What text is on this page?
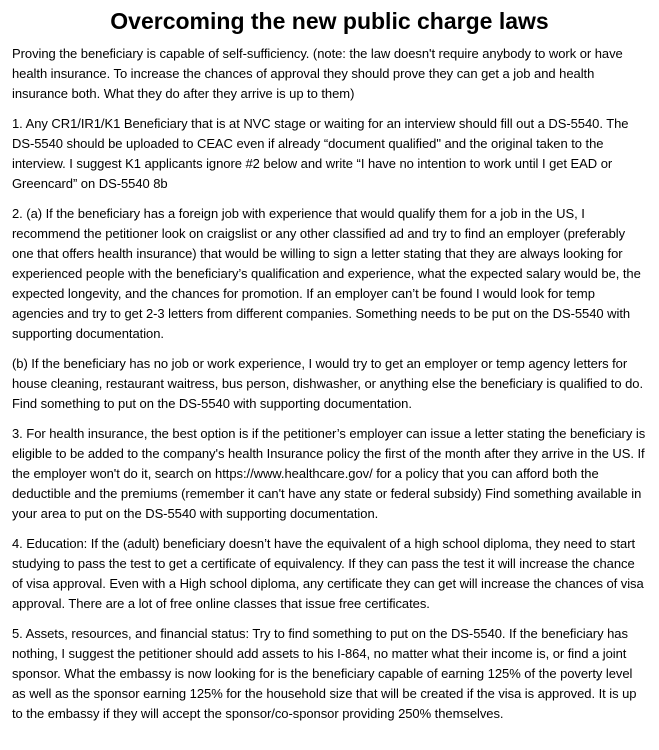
Overcoming the new public charge laws

Proving the beneficiary is capable of self-sufficiency. (note: the law doesn't require anybody to work or have health insurance. To increase the chances of approval they should prove they can get a job and health insurance both. What they do after they arrive is up to them)

1. Any CR1/IR1/K1 Beneficiary that is at NVC stage or waiting for an interview should fill out a DS-5540. The DS-5540 should be uploaded to CEAC even if already “document qualified" and the original taken to the interview. I suggest K1 applicants ignore #2 below and write “I have no intention to work until I get EAD or Greencard” on DS-5540 8b

2. (a) If the beneficiary has a foreign job with experience that would qualify them for a job in the US, I recommend the petitioner look on craigslist or any other classified ad and try to find an employer (preferably one that offers health insurance) that would be willing to sign a letter stating that they are always looking for experienced people with the beneficiary’s qualification and experience, what the expected salary would be, the expected longevity, and the chances for promotion. If an employer can’t be found I would look for temp agencies and try to get 2-3 letters from different companies. Something needs to be put on the DS-5540 with supporting documentation.

(b) If the beneficiary has no job or work experience, I would try to get an employer or temp agency letters for house cleaning, restaurant waitress, bus person, dishwasher, or anything else the beneficiary is qualified to do. Find something to put on the DS-5540 with supporting documentation.

3. For health insurance, the best option is if the petitioner’s employer can issue a letter stating the beneficiary is eligible to be added to the company's health Insurance policy the first of the month after they arrive in the US. If the employer won't do it, search on https://www.healthcare.gov/ for a policy that you can afford both the deductible and the premiums (remember it can't have any state or federal subsidy) Find something available in your area to put on the DS-5540 with supporting documentation.

4. Education: If the (adult) beneficiary doesn’t have the equivalent of a high school diploma, they need to start studying to pass the test to get a certificate of equivalency. If they can pass the test it will increase the chance of visa approval. Even with a High school diploma, any certificate they can get will increase the chances of visa approval. There are a lot of free online classes that issue free certificates.

5. Assets, resources, and financial status: Try to find something to put on the DS-5540. If the beneficiary has nothing, I suggest the petitioner should add assets to his I-864, no matter what their income is, or find a joint sponsor. What the embassy is now looking for is the beneficiary capable of earning 125% of the poverty level as well as the sponsor earning 125% for the household size that will be created if the visa is approved. It is up to the embassy if they will accept the sponsor/co-sponsor providing 250% themselves.
